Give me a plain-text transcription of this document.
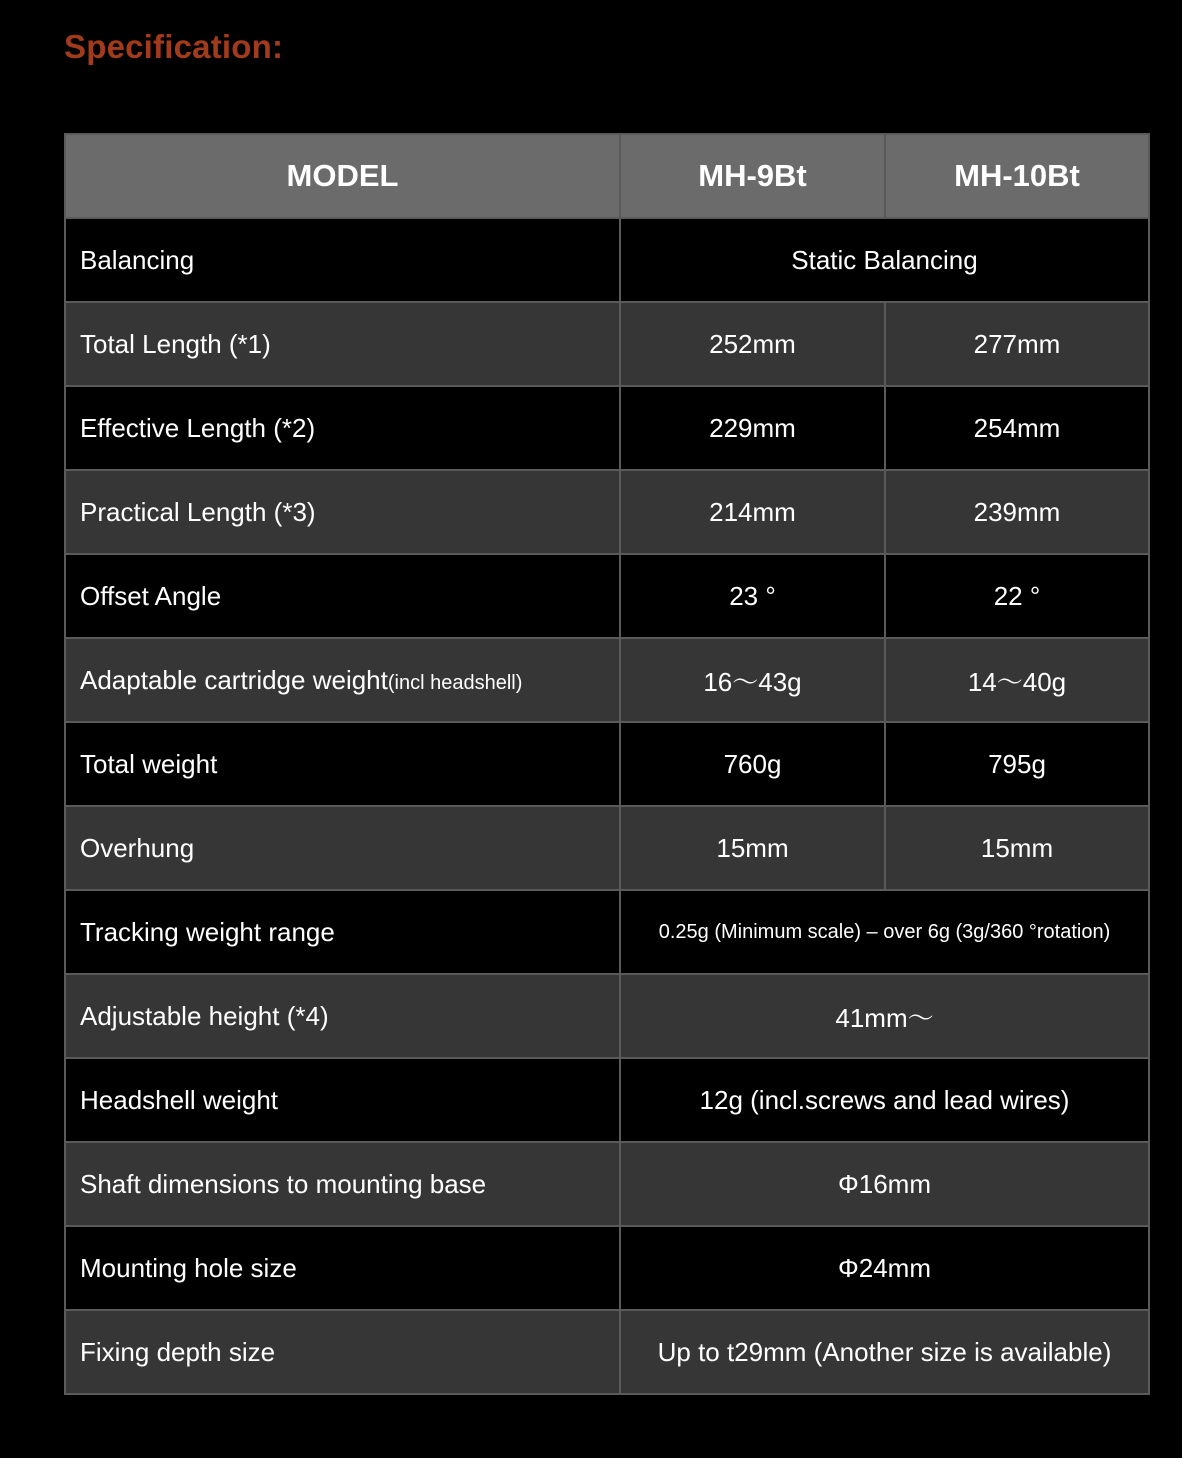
Specification:
MODEL	MH-9Bt	MH-10Bt
Balancing	Static Balancing	
Total Length (*1)	252mm	277mm
Effective Length (*2)	229mm	254mm
Practical Length (*3)	214mm	239mm
Offset Angle	23 °	22 °
Adaptable cartridge weight(incl headshell)	16～43g	14～40g
Total weight	760g	795g
Overhung	15mm	15mm
Tracking weight range	0.25g (Minimum scale) – over 6g (3g/360 °rotation)	
Adjustable height (*4)	41mm～	
Headshell weight	12g (incl.screws and lead wires)	
Shaft dimensions to mounting base	Φ16mm	
Mounting hole size	Φ24mm	
Fixing depth size	Up to t29mm (Another size is available)	
